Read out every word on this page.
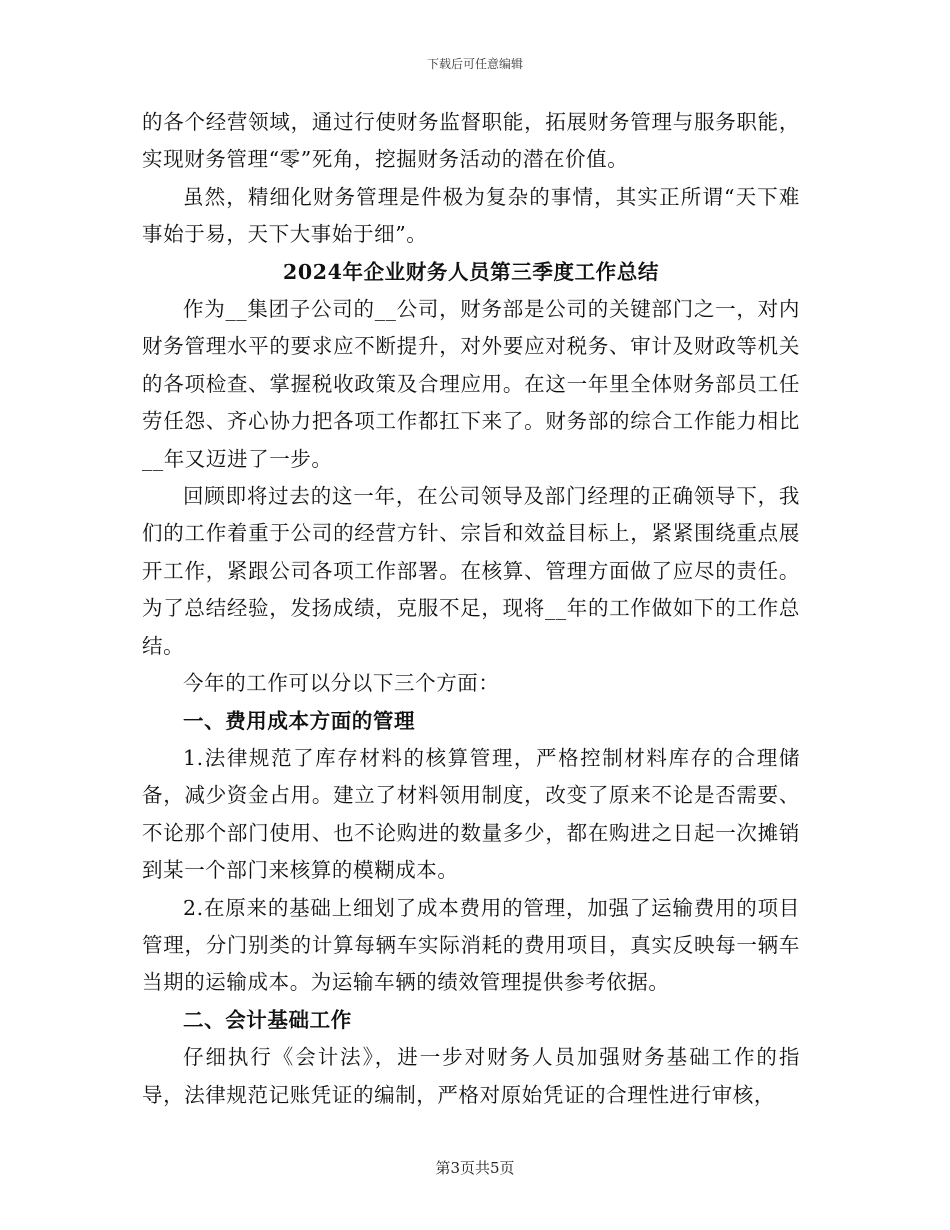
下载后可任意编辑

的各个经营领域，通过行使财务监督职能，拓展财务管理与服务职能，实现财务管理“零”死角，挖掘财务活动的潜在价值。

虽然，精细化财务管理是件极为复杂的事情，其实正所谓“天下难事始于易，天下大事始于细”。

2024年企业财务人员第三季度工作总结

作为__集团子公司的__公司，财务部是公司的关键部门之一，对内财务管理水平的要求应不断提升，对外要应对税务、审计及财政等机关的各项检查、掌握税收政策及合理应用。在这一年里全体财务部员工任劳任怨、齐心协力把各项工作都扛下来了。财务部的综合工作能力相比__年又迈进了一步。

回顾即将过去的这一年，在公司领导及部门经理的正确领导下，我们的工作着重于公司的经营方针、宗旨和效益目标上，紧紧围绕重点展开工作，紧跟公司各项工作部署。在核算、管理方面做了应尽的责任。为了总结经验，发扬成绩，克服不足，现将__年的工作做如下的工作总结。

今年的工作可以分以下三个方面：

一、费用成本方面的管理

1.法律规范了库存材料的核算管理，严格控制材料库存的合理储备，减少资金占用。建立了材料领用制度，改变了原来不论是否需要、不论那个部门使用、也不论购进的数量多少，都在购进之日起一次摊销到某一个部门来核算的模糊成本。

2.在原来的基础上细划了成本费用的管理，加强了运输费用的项目管理，分门别类的计算每辆车实际消耗的费用项目，真实反映每一辆车当期的运输成本。为运输车辆的绩效管理提供参考依据。

二、会计基础工作

仔细执行《会计法》，进一步对财务人员加强财务基础工作的指导，法律规范记账凭证的编制，严格对原始凭证的合理性进行审核，

第3页共5页
